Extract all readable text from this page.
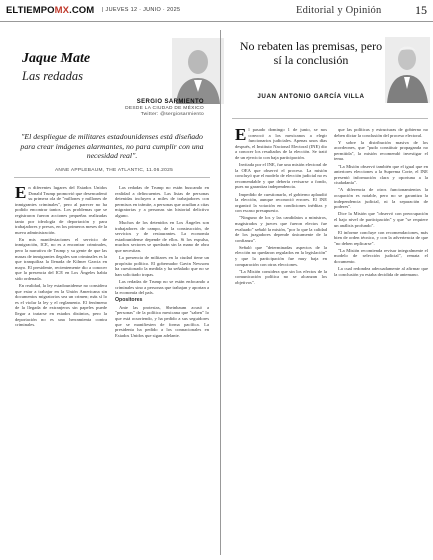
ELTIEMPOMX.COM | JUEVES 12 · JUNIO · 2025	Editorial y Opinión	15
Jaque Mate
Las redadas
SERGIO SARMIENTO
DESDE LA CIUDAD DE MÉXICO
Twitter: @sergiosarmiento
"El despliegue de militares estadounidenses está diseñado para crear imágenes alarmantes, no para cumplir con una necesidad real".
ANNE APPLEBAUM, THE ATLANTIC, 11.06.2025

En diferentes lugares del Estados Unidos Donald Trump promovió que desencadenó su primera ola de "millones y millones de inmigrantes criminales", pero al parecer no ha podido encontrar tantos. Los problemas que se registraron fueron acciones pequeñas realizadas tanto por ideología de deportación y para trabajadores y presos, en los primeros meses de la nueva administración.

En mis manifestaciones el servicio de inmigración, ICE, no es a encontrar criminales, pero la narrativa de Trump y su gente de que las masas de inmigrantes ilegales son criminales es la que tranquiliza la llenada de Kilmer Garcia en mayo. El presidente, recientemente dio a conocer que la presencia del ICE en Los Ángeles había sido ordenada.

En realidad, la ley estadounidense no considera que estar a trabajar en la Unión Americana sin documentos migratorios sea un crimen; más sí lo es el violar la ley y el reglamento. El fenómeno de la llegada de extranjeros sin papeles puede llegar a tratarse en estados distintos, pero la deportación no es una herramienta contra criminales.

Las redadas de Trump no están buscando en realidad a delincuentes. Las listas de personas detenidas incluyen a miles de trabajadores con permisos en trámite, a personas que acudían a citas migratorias y a personas sin historial delictivo alguno.

Muchos de los detenidos en Los Ángeles son trabajadores de campo, de la construcción, de servicios y de restaurantes. La economía estadounidense depende de ellos. Si los expulsa, muchos sectores se quedarán sin la mano de obra que necesitan.

La presencia de militares en la ciudad tiene un propósito político. El gobernador Gavin Newsom ha cuestionado la medida y ha señalado que no se han solicitado tropas.

Las redadas de Trump no se están enfocando a criminales sino a personas que trabajan y aportan a la economía del país.

Opositores

Ante las protestas, Sheinbaum acusó a "personas" de la política mexicana que "saben" lo que está ocurriendo, y ha pedido a sus seguidores que se manifiesten de forma pacífica. La presidenta ha pedido a los connacionales en Estados Unidos que sigan adelante.

No rebaten las premisas, pero sí la conclusión
JUAN ANTONIO GARCÍA VILLA

El pasado domingo 1 de junio, se nos convocó a los mexicanos a elegir funcionarios judiciales. Apenas unos días después, el Instituto Nacional Electoral (INE) dio a conocer los resultados de la elección. Se trató de un ejercicio con baja participación.

Invitada por el INE, fue una misión electoral de la OEA que observó el proceso. La misión concluyó que el modelo de elección judicial no es recomendable y que debería revisarse a fondo, pues no garantiza independencia.

Impedido de cuestionarlo, el gobierno aplaudió la elección, aunque reconoció errores. El INE organizó la votación en condiciones inéditas y con escaso presupuesto.

"Ninguno de los y las candidatos a ministros, magistrados y jueces que fueron electos fue evaluado" señaló la misión, "por lo que la calidad de los juzgadores depende únicamente de la confianza".

Señaló que "determinadas aspectos de la elección no quedaron regulados en la legislación" y que la participación fue muy baja en comparación con otras elecciones.

"La Misión considera que sin los efectos de la comunicación política no se alcanzan los objetivos".

que las políticas y estructuras de gobierno no deben dictar la conclusión del proceso electoral.

Y sobre la distribución masiva de los acordeones, que "pudo constituir propaganda no permitida", la misión recomendó investigar el tema.

"La Misión observó también que el igual que en anteriores elecciones a la Suprema Corte, el INE presentó información clara y oportuna a la ciudadanía".

"A diferencia de otros funcionamientos la ocupación es notable, pero no se garantiza la independencia judicial, ni la separación de poderes".

Dice la Misión que "observó con preocupación el bajo nivel de participación" y que "se requiere un análisis profundo".

El informe concluye con recomendaciones, más bien de orden técnico, y con la advertencia de que "no deben replicarse".

"La Misión recomienda revisar integralmente el modelo de selección judicial", remata el documento.

La cual redondea adecuadamente al afirmar que la conclusión ya estaba decidida de antemano.
